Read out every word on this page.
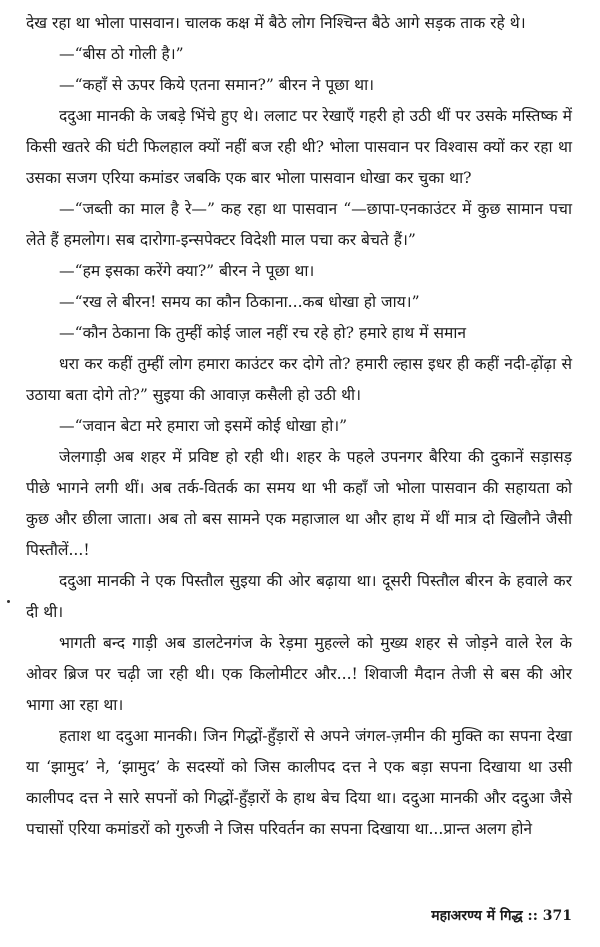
देख रहा था भोला पासवान। चालक कक्ष में बैठे लोग निश्चिन्त बैठे आगे सड़क ताक रहे थे।

—“बीस ठो गोली है।”

—“कहाँ से ऊपर किये एतना समान?” बीरन ने पूछा था।

ददुआ मानकी के जबड़े भिंचे हुए थे। ललाट पर रेखाएँ गहरी हो उठी थीं पर उसके मस्तिष्क में किसी खतरे की घंटी फिलहाल क्यों नहीं बज रही थी? भोला पासवान पर विश्वास क्यों कर रहा था उसका सजग एरिया कमांडर जबकि एक बार भोला पासवान धोखा कर चुका था?

—“जब्ती का माल है रे—” कह रहा था पासवान “—छापा-एनकाउंटर में कुछ सामान पचा लेते हैं हमलोग। सब दारोगा-इन्सपेक्टर विदेशी माल पचा कर बेचते हैं।”

—“हम इसका करेंगे क्या?” बीरन ने पूछा था।

—“रख ले बीरन! समय का कौन ठिकाना...कब धोखा हो जाय।”

—“कौन ठेकाना कि तुम्हीं कोई जाल नहीं रच रहे हो? हमारे हाथ में समान

धरा कर कहीं तुम्हीं लोग हमारा काउंटर कर दोगे तो? हमारी ल्हास इधर ही कहीं नदी-ढ़ोंढ़ा से उठाया बता दोगे तो?” सुइया की आवाज़ कसैली हो उठी थी।

—“जवान बेटा मरे हमारा जो इसमें कोई धोखा हो।”

जेलगाड़ी अब शहर में प्रविष्ट हो रही थी। शहर के पहले उपनगर बैरिया की दुकानें सड़ासड़ पीछे भागने लगी थीं। अब तर्क-वितर्क का समय था भी कहाँ जो भोला पासवान की सहायता को कुछ और छीला जाता। अब तो बस सामने एक महाजाल था और हाथ में थीं मात्र दो खिलौने जैसी पिस्तौलें...!

ददुआ मानकी ने एक पिस्तौल सुइया की ओर बढ़ाया था। दूसरी पिस्तौल बीरन के हवाले कर दी थी।

भागती बन्द गाड़ी अब डालटेनगंज के रेड़मा मुहल्ले को मुख्य शहर से जोड़ने वाले रेल के ओवर ब्रिज पर चढ़ी जा रही थी। एक किलोमीटर और...! शिवाजी मैदान तेजी से बस की ओर भागा आ रहा था।

हताश था ददुआ मानकी। जिन गिद्धों-हुँड़ारों से अपने जंगल-ज़मीन की मुक्ति का सपना देखा या ‘झामुद’ ने, ‘झामुद’ के सदस्यों को जिस कालीपद दत्त ने एक बड़ा सपना दिखाया था उसी कालीपद दत्त ने सारे सपनों को गिद्धों-हुँड़ारों के हाथ बेच दिया था। ददुआ मानकी और ददुआ जैसे पचासों एरिया कमांडरों को गुरुजी ने जिस परिवर्तन का सपना दिखाया था...प्रान्त अलग होने

महाअरण्य में गिद्ध :: 371
